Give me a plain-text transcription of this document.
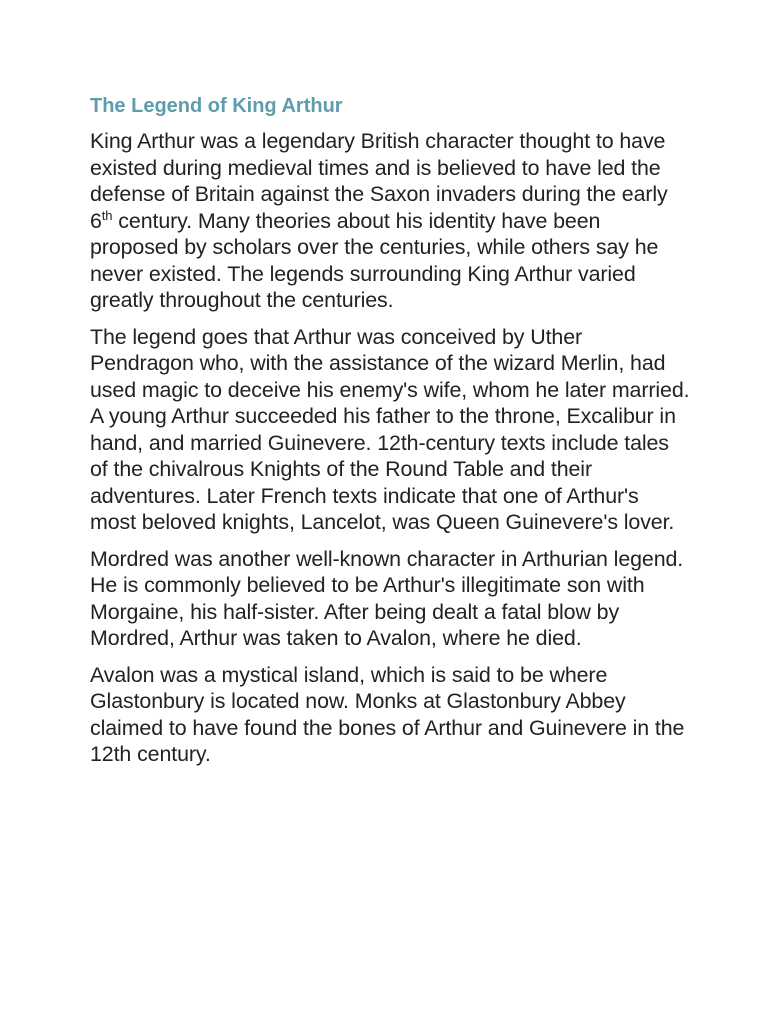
The Legend of King Arthur

King Arthur was a legendary British character thought to have existed during medieval times and is believed to have led the defense of Britain against the Saxon invaders during the early 6th century. Many theories about his identity have been proposed by scholars over the centuries, while others say he never existed. The legends surrounding King Arthur varied greatly throughout the centuries.

The legend goes that Arthur was conceived by Uther Pendragon who, with the assistance of the wizard Merlin, had used magic to deceive his enemy's wife, whom he later married. A young Arthur succeeded his father to the throne, Excalibur in hand, and married Guinevere. 12th-century texts include tales of the chivalrous Knights of the Round Table and their adventures. Later French texts indicate that one of Arthur's most beloved knights, Lancelot, was Queen Guinevere's lover.

Mordred was another well-known character in Arthurian legend. He is commonly believed to be Arthur's illegitimate son with Morgaine, his half-sister. After being dealt a fatal blow by Mordred, Arthur was taken to Avalon, where he died.

Avalon was a mystical island, which is said to be where Glastonbury is located now. Monks at Glastonbury Abbey claimed to have found the bones of Arthur and Guinevere in the 12th century.
